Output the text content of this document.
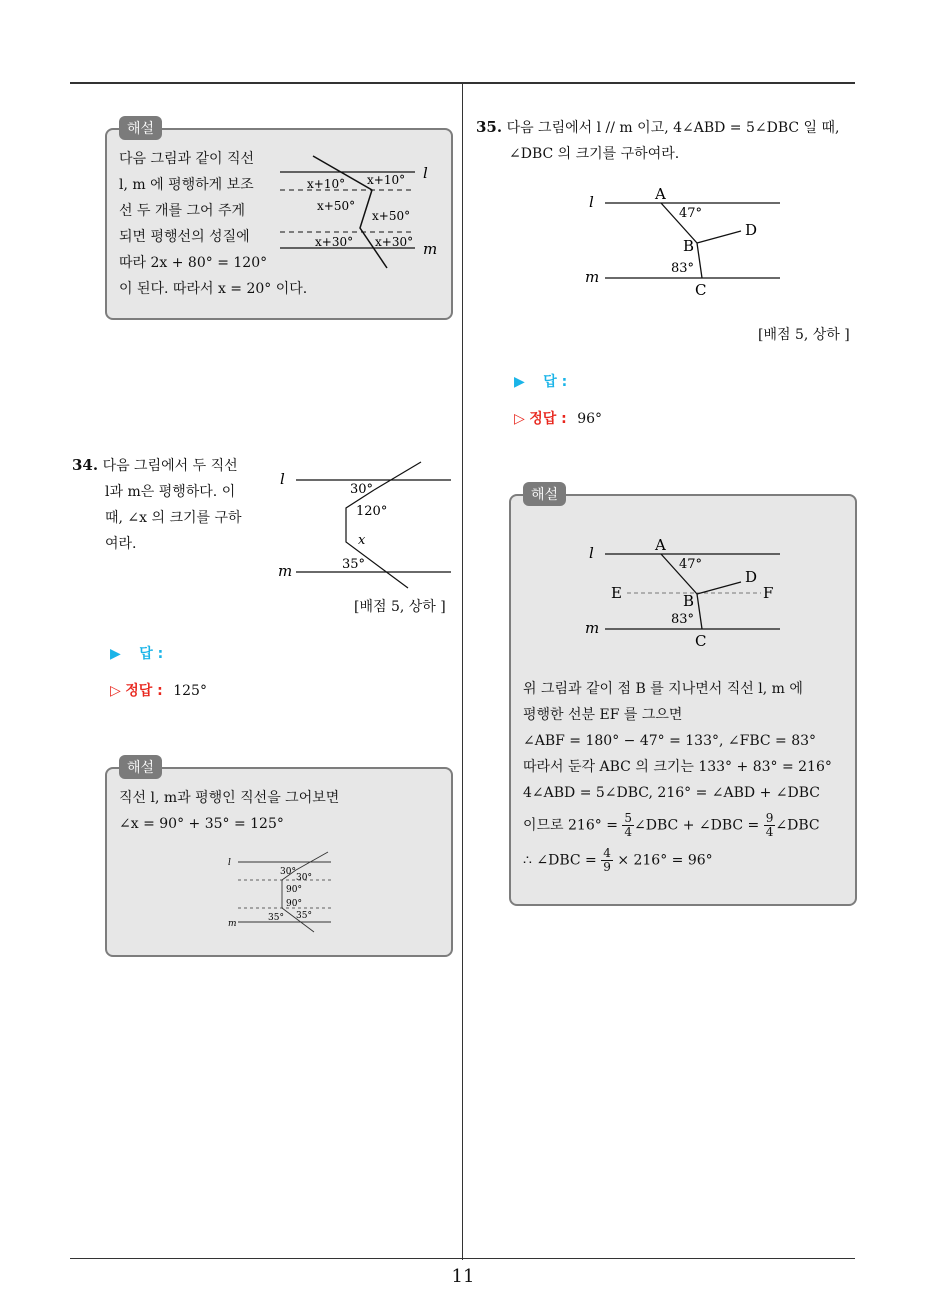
11
해설
다음 그림과 같이 직선
l, m 에 평행하게 보조
선 두 개를 그어 주게
되면 평행선의 성질에
따라 2x + 80° = 120°
이 된다. 따라서 x = 20° 이다.
l
m
x+10° x+10°
x+50°
x+50°
x+30° x+30°
34. 다음 그림에서 두 직선
l과 m은 평행하다. 이
때, ∠x 의 크기를 구하
여라.
l
m
30°
120°
x
35°
[배점 5, 상하 ]
▶ 답 :
▷ 정답 : 125°
해설
직선 l, m과 평행인 직선을 그어보면
∠x = 90° + 35° = 125°
l
m
30°
30°
90°
90°
35° 35°
35. 다음 그림에서 l // m 이고, 4∠ABD = 5∠DBC 일 때,
∠DBC 의 크기를 구하여라.
l
m
A
B
C
D
47°
83°
[배점 5, 상하 ]
▶ 답 :
▷ 정답 : 96°
해설
l
m
A
B
C
D
E	F
47°
83°
위 그림과 같이 점 B 를 지나면서 직선 l, m 에
평행한 선분 EF 를 그으면
∠ABF = 180° − 47° = 133°, ∠FBC = 83°
따라서 둔각 ABC 의 크기는 133° + 83° = 216°
4∠ABD = 5∠DBC, 216° = ∠ABD + ∠DBC
이므로 $216^\circ = \frac{5}{4}$ ∠DBC + ∠DBC = $\frac{9}{4}$ ∠DBC
∴ ∠DBC = $\frac{4}{9} \times 216^\circ = 96^\circ$
